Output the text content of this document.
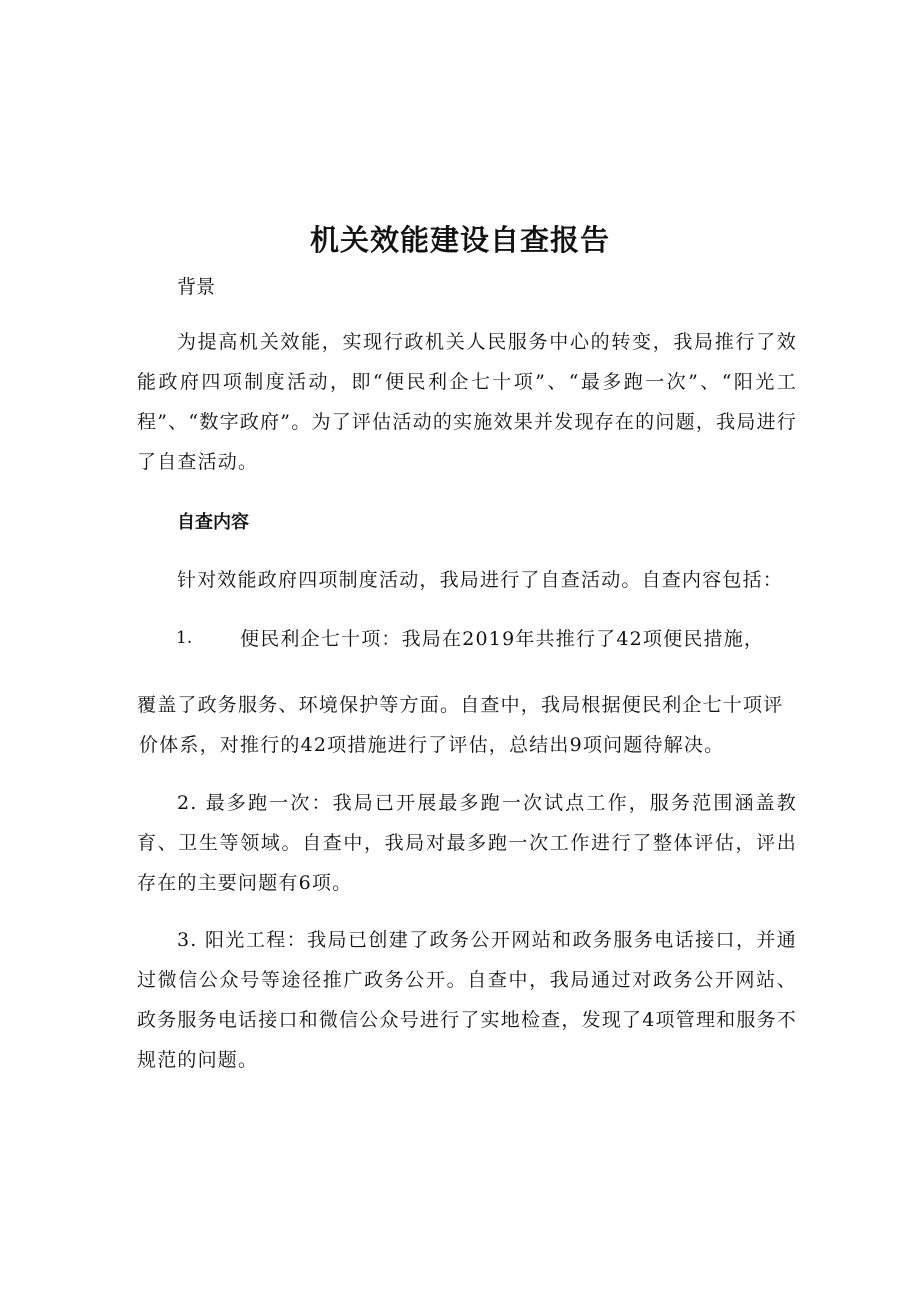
机关效能建设自查报告

背景

为提高机关效能，实现行政机关人民服务中心的转变，我局推行了效能政府四项制度活动，即“便民利企七十项”、“最多跑一次”、“阳光工程”、“数字政府”。为了评估活动的实施效果并发现存在的问题，我局进行了自查活动。

自查内容

针对效能政府四项制度活动，我局进行了自查活动。自查内容包括：

1.	便民利企七十项：我局在2019年共推行了42项便民措施，

覆盖了政务服务、环境保护等方面。自查中，我局根据便民利企七十项评
价体系，对推行的42项措施进行了评估，总结出9项问题待解决。

2. 最多跑一次：我局已开展最多跑一次试点工作，服务范围涵盖教育、卫生等领域。自查中，我局对最多跑一次工作进行了整体评估，评出存在的主要问题有6项。

3. 阳光工程：我局已创建了政务公开网站和政务服务电话接口，并通过微信公众号等途径推广政务公开。自查中，我局通过对政务公开网站、政务服务电话接口和微信公众号进行了实地检查，发现了4项管理和服务不规范的问题。
